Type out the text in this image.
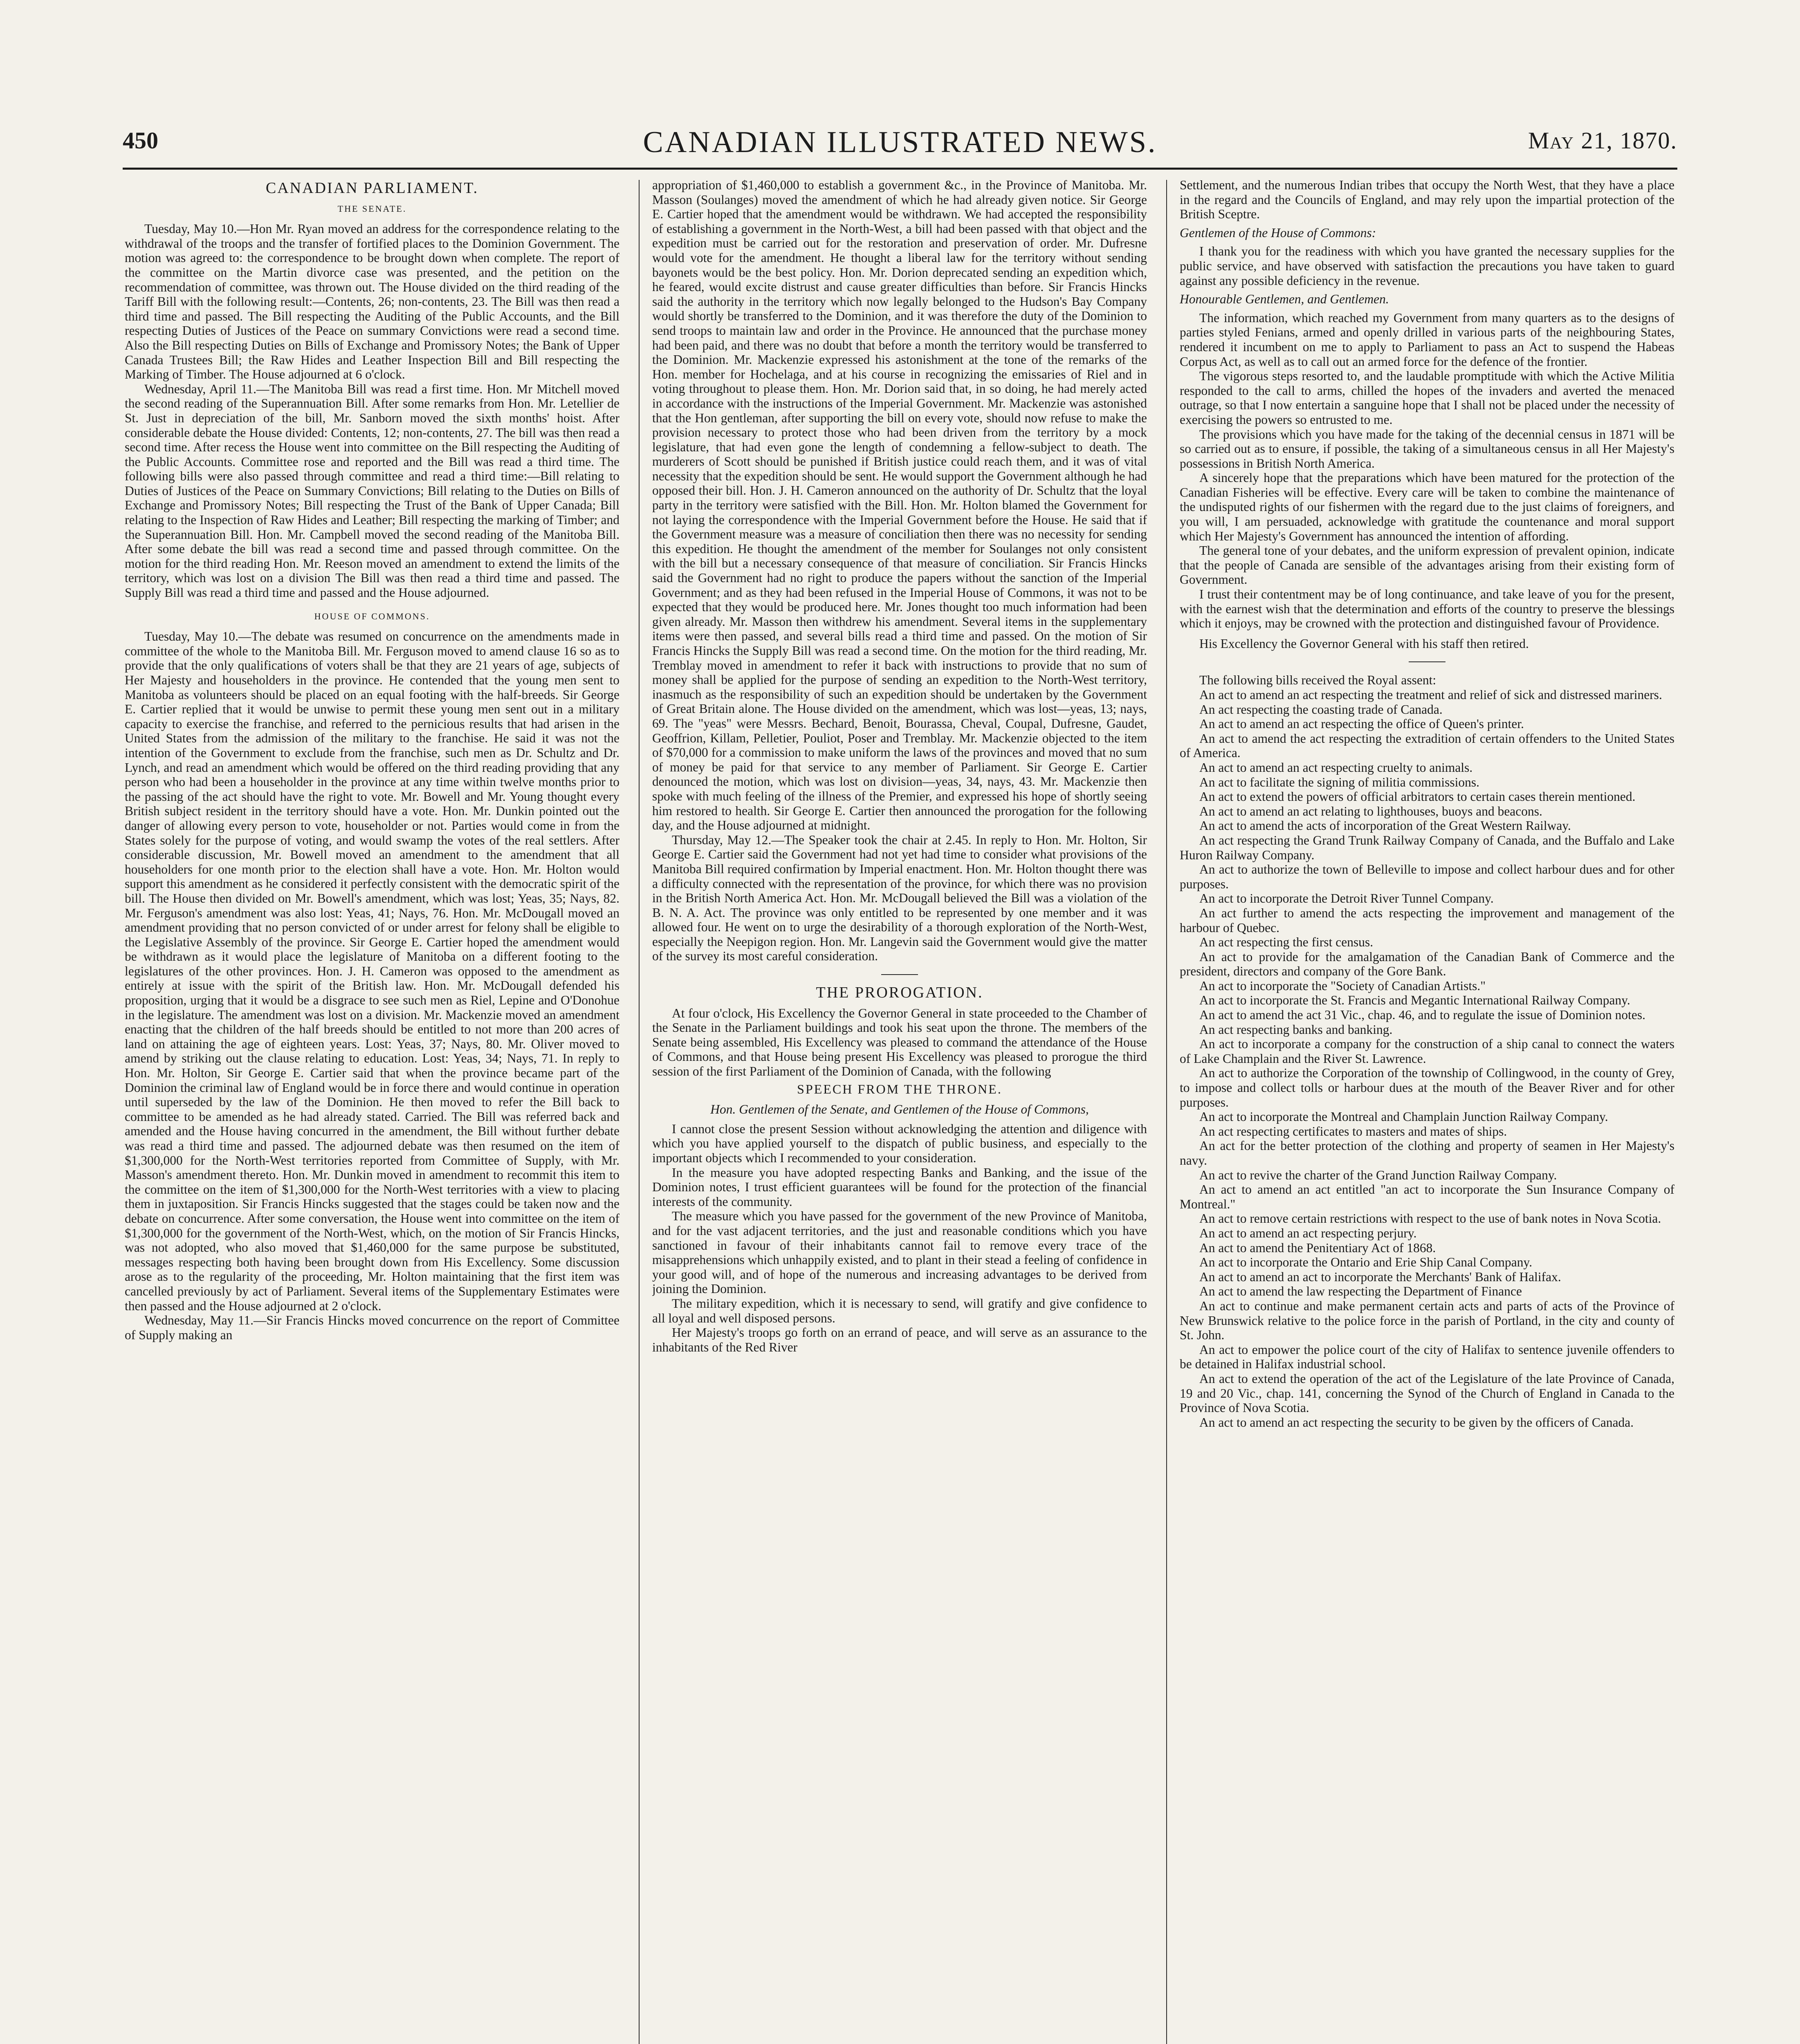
450	CANADIAN ILLUSTRATED NEWS.	May 21, 1870.
CANADIAN PARLIAMENT.
THE SENATE.

Tuesday, May 10.—Hon Mr. Ryan moved an address for the correspondence relating to the withdrawal of the troops and the transfer of fortified places to the Dominion Government. The motion was agreed to: the correspondence to be brought down when complete. The report of the committee on the Martin divorce case was presented, and the petition on the recommendation of committee, was thrown out. The House divided on the third reading of the Tariff Bill with the following result:—Contents, 26; non-contents, 23. The Bill was then read a third time and passed. The Bill respecting the Auditing of the Public Accounts, and the Bill respecting Duties of Justices of the Peace on summary Convictions were read a second time. Also the Bill respecting Duties on Bills of Exchange and Promissory Notes; the Bank of Upper Canada Trustees Bill; the Raw Hides and Leather Inspection Bill and Bill respecting the Marking of Timber. The House adjourned at 6 o'clock.

Wednesday, April 11.—The Manitoba Bill was read a first time. Hon. Mr Mitchell moved the second reading of the Superannuation Bill. After some remarks from Hon. Mr. Letellier de St. Just in depreciation of the bill, Mr. Sanborn moved the sixth months' hoist. After considerable debate the House divided: Contents, 12; non-contents, 27. The bill was then read a second time. After recess the House went into committee on the Bill respecting the Auditing of the Public Accounts. Committee rose and reported and the Bill was read a third time. The following bills were also passed through committee and read a third time:—Bill relating to Duties of Justices of the Peace on Summary Convictions; Bill relating to the Duties on Bills of Exchange and Promissory Notes; Bill respecting the Trust of the Bank of Upper Canada; Bill relating to the Inspection of Raw Hides and Leather; Bill respecting the marking of Timber; and the Superannuation Bill. Hon. Mr. Campbell moved the second reading of the Manitoba Bill. After some debate the bill was read a second time and passed through committee. On the motion for the third reading Hon. Mr. Reeson moved an amendment to extend the limits of the territory, which was lost on a division The Bill was then read a third time and passed. The Supply Bill was read a third time and passed and the House adjourned.

HOUSE OF COMMONS.

Tuesday, May 10.—The debate was resumed on concurrence on the amendments made in committee of the whole to the Manitoba Bill. Mr. Ferguson moved to amend clause 16 so as to provide that the only qualifications of voters shall be that they are 21 years of age, subjects of Her Majesty and householders in the province. He contended that the young men sent to Manitoba as volunteers should be placed on an equal footing with the half-breeds. Sir George E. Cartier replied that it would be unwise to permit these young men sent out in a military capacity to exercise the franchise, and referred to the pernicious results that had arisen in the United States from the admission of the military to the franchise. He said it was not the intention of the Government to exclude from the franchise, such men as Dr. Schultz and Dr. Lynch, and read an amendment which would be offered on the third reading providing that any person who had been a householder in the province at any time within twelve months prior to the passing of the act should have the right to vote. Mr. Bowell and Mr. Young thought every British subject resident in the territory should have a vote. Hon. Mr. Dunkin pointed out the danger of allowing every person to vote, householder or not. Parties would come in from the States solely for the purpose of voting, and would swamp the votes of the real settlers. After considerable discussion, Mr. Bowell moved an amendment to the amendment that all householders for one month prior to the election shall have a vote. Hon. Mr. Holton would support this amendment as he considered it perfectly consistent with the democratic spirit of the bill. The House then divided on Mr. Bowell's amendment, which was lost; Yeas, 35; Nays, 82. Mr. Ferguson's amendment was also lost: Yeas, 41; Nays, 76. Hon. Mr. McDougall moved an amendment providing that no person convicted of or under arrest for felony shall be eligible to the Legislative Assembly of the province. Sir George E. Cartier hoped the amendment would be withdrawn as it would place the legislature of Manitoba on a different footing to the legislatures of the other provinces. Hon. J. H. Cameron was opposed to the amendment as entirely at issue with the spirit of the British law. Hon. Mr. McDougall defended his proposition, urging that it would be a disgrace to see such men as Riel, Lepine and O'Donohue in the legislature. The amendment was lost on a division. Mr. Mackenzie moved an amendment enacting that the children of the half breeds should be entitled to not more than 200 acres of land on attaining the age of eighteen years. Lost: Yeas, 37; Nays, 80. Mr. Oliver moved to amend by striking out the clause relating to education. Lost: Yeas, 34; Nays, 71. In reply to Hon. Mr. Holton, Sir George E. Cartier said that when the province became part of the Dominion the criminal law of England would be in force there and would continue in operation until superseded by the law of the Dominion. He then moved to refer the Bill back to committee to be amended as he had already stated. Carried. The Bill was referred back and amended and the House having concurred in the amendment, the Bill without further debate was read a third time and passed. The adjourned debate was then resumed on the item of $1,300,000 for the North-West territories reported from Committee of Supply, with Mr. Masson's amendment thereto. Hon. Mr. Dunkin moved in amendment to recommit this item to the committee on the item of $1,300,000 for the North-West territories with a view to placing them in juxtaposition. Sir Francis Hincks suggested that the stages could be taken now and the debate on concurrence. After some conversation, the House went into committee on the item of $1,300,000 for the government of the North-West, which, on the motion of Sir Francis Hincks, was not adopted, who also moved that $1,460,000 for the same purpose be substituted, messages respecting both having been brought down from His Excellency. Some discussion arose as to the regularity of the proceeding, Mr. Holton maintaining that the first item was cancelled previously by act of Parliament. Several items of the Supplementary Estimates were then passed and the House adjourned at 2 o'clock.

Wednesday, May 11.—Sir Francis Hincks moved concurrence on the report of Committee of Supply making an

appropriation of $1,460,000 to establish a government &c., in the Province of Manitoba. Mr. Masson (Soulanges) moved the amendment of which he had already given notice. Sir George E. Cartier hoped that the amendment would be withdrawn. We had accepted the responsibility of establishing a government in the North-West, a bill had been passed with that object and the expedition must be carried out for the restoration and preservation of order. Mr. Dufresne would vote for the amendment. He thought a liberal law for the territory without sending bayonets would be the best policy. Hon. Mr. Dorion deprecated sending an expedition which, he feared, would excite distrust and cause greater difficulties than before. Sir Francis Hincks said the authority in the territory which now legally belonged to the Hudson's Bay Company would shortly be transferred to the Dominion, and it was therefore the duty of the Dominion to send troops to maintain law and order in the Province. He announced that the purchase money had been paid, and there was no doubt that before a month the territory would be transferred to the Dominion. Mr. Mackenzie expressed his astonishment at the tone of the remarks of the Hon. member for Hochelaga, and at his course in recognizing the emissaries of Riel and in voting throughout to please them. Hon. Mr. Dorion said that, in so doing, he had merely acted in accordance with the instructions of the Imperial Government. Mr. Mackenzie was astonished that the Hon gentleman, after supporting the bill on every vote, should now refuse to make the provision necessary to protect those who had been driven from the territory by a mock legislature, that had even gone the length of condemning a fellow-subject to death. The murderers of Scott should be punished if British justice could reach them, and it was of vital necessity that the expedition should be sent. He would support the Government although he had opposed their bill. Hon. J. H. Cameron announced on the authority of Dr. Schultz that the loyal party in the territory were satisfied with the Bill. Hon. Mr. Holton blamed the Government for not laying the correspondence with the Imperial Government before the House. He said that if the Government measure was a measure of conciliation then there was no necessity for sending this expedition. He thought the amendment of the member for Soulanges not only consistent with the bill but a necessary consequence of that measure of conciliation. Sir Francis Hincks said the Government had no right to produce the papers without the sanction of the Imperial Government; and as they had been refused in the Imperial House of Commons, it was not to be expected that they would be produced here. Mr. Jones thought too much information had been given already. Mr. Masson then withdrew his amendment. Several items in the supplementary items were then passed, and several bills read a third time and passed. On the motion of Sir Francis Hincks the Supply Bill was read a second time. On the motion for the third reading, Mr. Tremblay moved in amendment to refer it back with instructions to provide that no sum of money shall be applied for the purpose of sending an expedition to the North-West territory, inasmuch as the responsibility of such an expedition should be undertaken by the Government of Great Britain alone. The House divided on the amendment, which was lost—yeas, 13; nays, 69. The "yeas" were Messrs. Bechard, Benoit, Bourassa, Cheval, Coupal, Dufresne, Gaudet, Geoffrion, Killam, Pelletier, Pouliot, Poser and Tremblay. Mr. Mackenzie objected to the item of $70,000 for a commission to make uniform the laws of the provinces and moved that no sum of money be paid for that service to any member of Parliament. Sir George E. Cartier denounced the motion, which was lost on division—yeas, 34, nays, 43. Mr. Mackenzie then spoke with much feeling of the illness of the Premier, and expressed his hope of shortly seeing him restored to health. Sir George E. Cartier then announced the prorogation for the following day, and the House adjourned at midnight.

Thursday, May 12.—The Speaker took the chair at 2.45. In reply to Hon. Mr. Holton, Sir George E. Cartier said the Government had not yet had time to consider what provisions of the Manitoba Bill required confirmation by Imperial enactment. Hon. Mr. Holton thought there was a difficulty connected with the representation of the province, for which there was no provision in the British North America Act. Hon. Mr. McDougall believed the Bill was a violation of the B. N. A. Act. The province was only entitled to be represented by one member and it was allowed four. He went on to urge the desirability of a thorough exploration of the North-West, especially the Neepigon region. Hon. Mr. Langevin said the Government would give the matter of the survey its most careful consideration.

THE PROROGATION.

At four o'clock, His Excellency the Governor General in state proceeded to the Chamber of the Senate in the Parliament buildings and took his seat upon the throne. The members of the Senate being assembled, His Excellency was pleased to command the attendance of the House of Commons, and that House being present His Excellency was pleased to prorogue the third session of the first Parliament of the Dominion of Canada, with the following

SPEECH FROM THE THRONE.

Hon. Gentlemen of the Senate, and Gentlemen of the House of Commons,

I cannot close the present Session without acknowledging the attention and diligence with which you have applied yourself to the dispatch of public business, and especially to the important objects which I recommended to your consideration.

In the measure you have adopted respecting Banks and Banking, and the issue of the Dominion notes, I trust efficient guarantees will be found for the protection of the financial interests of the community.

The measure which you have passed for the government of the new Province of Manitoba, and for the vast adjacent territories, and the just and reasonable conditions which you have sanctioned in favour of their inhabitants cannot fail to remove every trace of the misapprehensions which unhappily existed, and to plant in their stead a feeling of confidence in your good will, and of hope of the numerous and increasing advantages to be derived from joining the Dominion.

The military expedition, which it is necessary to send, will gratify and give confidence to all loyal and well disposed persons.

Her Majesty's troops go forth on an errand of peace, and will serve as an assurance to the inhabitants of the Red River

Settlement, and the numerous Indian tribes that occupy the North West, that they have a place in the regard and the Councils of England, and may rely upon the impartial protection of the British Sceptre.

Gentlemen of the House of Commons:

I thank you for the readiness with which you have granted the necessary supplies for the public service, and have observed with satisfaction the precautions you have taken to guard against any possible deficiency in the revenue.

Honourable Gentlemen, and Gentlemen.

The information, which reached my Government from many quarters as to the designs of parties styled Fenians, armed and openly drilled in various parts of the neighbouring States, rendered it incumbent on me to apply to Parliament to pass an Act to suspend the Habeas Corpus Act, as well as to call out an armed force for the defence of the frontier.

The vigorous steps resorted to, and the laudable promptitude with which the Active Militia responded to the call to arms, chilled the hopes of the invaders and averted the menaced outrage, so that I now entertain a sanguine hope that I shall not be placed under the necessity of exercising the powers so entrusted to me.

The provisions which you have made for the taking of the decennial census in 1871 will be so carried out as to ensure, if possible, the taking of a simultaneous census in all Her Majesty's possessions in British North America.

A sincerely hope that the preparations which have been matured for the protection of the Canadian Fisheries will be effective. Every care will be taken to combine the maintenance of the undisputed rights of our fishermen with the regard due to the just claims of foreigners, and you will, I am persuaded, acknowledge with gratitude the countenance and moral support which Her Majesty's Government has announced the intention of affording.

The general tone of your debates, and the uniform expression of prevalent opinion, indicate that the people of Canada are sensible of the advantages arising from their existing form of Government.

I trust their contentment may be of long continuance, and take leave of you for the present, with the earnest wish that the determination and efforts of the country to preserve the blessings which it enjoys, may be crowned with the protection and distinguished favour of Providence.

His Excellency the Governor General with his staff then retired.

The following bills received the Royal assent:

An act to amend an act respecting the treatment and relief of sick and distressed mariners.

An act respecting the coasting trade of Canada.

An act to amend an act respecting the office of Queen's printer.

An act to amend the act respecting the extradition of certain offenders to the United States of America.

An act to amend an act respecting cruelty to animals.

An act to facilitate the signing of militia commissions.

An act to extend the powers of official arbitrators to certain cases therein mentioned.

An act to amend an act relating to lighthouses, buoys and beacons.

An act to amend the acts of incorporation of the Great Western Railway.

An act respecting the Grand Trunk Railway Company of Canada, and the Buffalo and Lake Huron Railway Company.

An act to authorize the town of Belleville to impose and collect harbour dues and for other purposes.

An act to incorporate the Detroit River Tunnel Company.

An act further to amend the acts respecting the improvement and management of the harbour of Quebec.

An act respecting the first census.

An act to provide for the amalgamation of the Canadian Bank of Commerce and the president, directors and company of the Gore Bank.

An act to incorporate the "Society of Canadian Artists."

An act to incorporate the St. Francis and Megantic International Railway Company.

An act to amend the act 31 Vic., chap. 46, and to regulate the issue of Dominion notes.

An act respecting banks and banking.

An act to incorporate a company for the construction of a ship canal to connect the waters of Lake Champlain and the River St. Lawrence.

An act to authorize the Corporation of the township of Collingwood, in the county of Grey, to impose and collect tolls or harbour dues at the mouth of the Beaver River and for other purposes.

An act to incorporate the Montreal and Champlain Junction Railway Company.

An act respecting certificates to masters and mates of ships.

An act for the better protection of the clothing and property of seamen in Her Majesty's navy.

An act to revive the charter of the Grand Junction Railway Company.

An act to amend an act entitled "an act to incorporate the Sun Insurance Company of Montreal."

An act to remove certain restrictions with respect to the use of bank notes in Nova Scotia.

An act to amend an act respecting perjury.

An act to amend the Penitentiary Act of 1868.

An act to incorporate the Ontario and Erie Ship Canal Company.

An act to amend an act to incorporate the Merchants' Bank of Halifax.

An act to amend the law respecting the Department of Finance

An act to continue and make permanent certain acts and parts of acts of the Province of New Brunswick relative to the police force in the parish of Portland, in the city and county of St. John.

An act to empower the police court of the city of Halifax to sentence juvenile offenders to be detained in Halifax industrial school.

An act to extend the operation of the act of the Legislature of the late Province of Canada, 19 and 20 Vic., chap. 141, concerning the Synod of the Church of England in Canada to the Province of Nova Scotia.

An act to amend an act respecting the security to be given by the officers of Canada.
